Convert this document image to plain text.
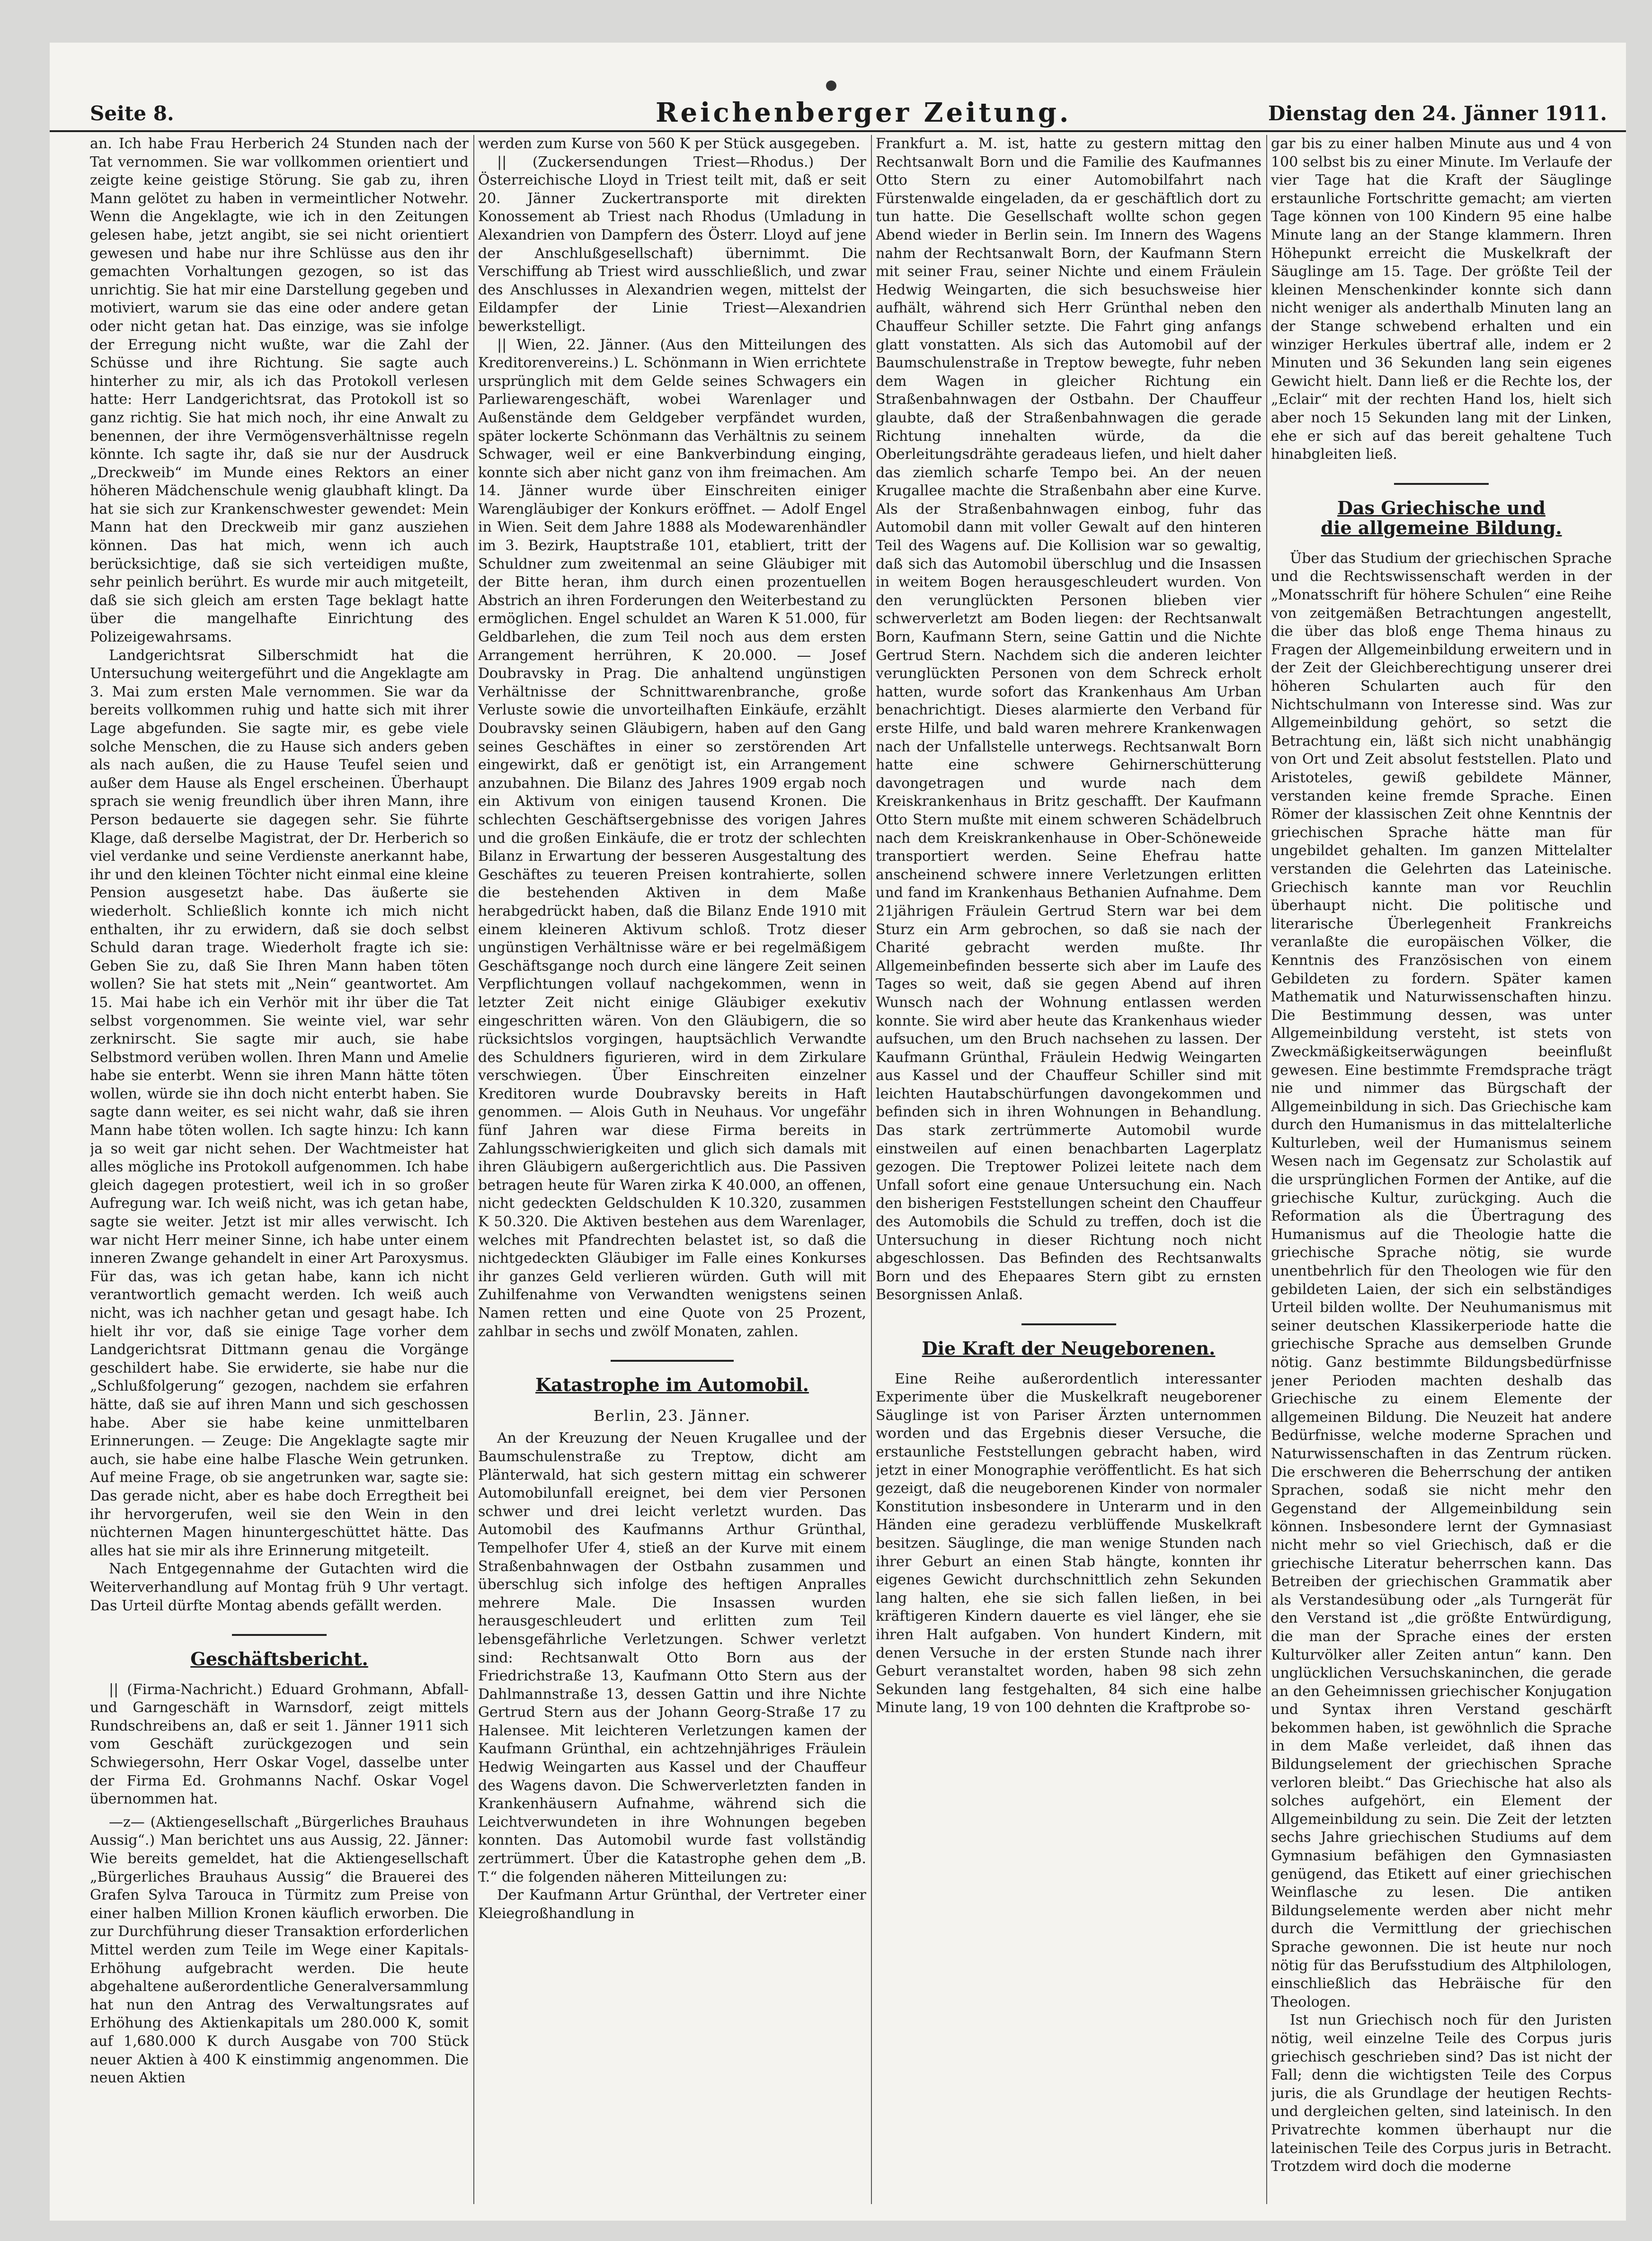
Seite 8.	Reichenberger Zeitung.	Dienstag den 24. Jänner 1911.

an. Ich habe Frau Herberich 24 Stunden nach der Tat vernommen. Sie war vollkommen orientiert und zeigte keine geistige Störung. Sie gab zu, ihren Mann gelötet zu haben in vermeintlicher Notwehr. Wenn die Angeklagte, wie ich in den Zeitungen gelesen habe, jetzt angibt, sie sei nicht orientiert gewesen und habe nur ihre Schlüsse aus den ihr gemachten Vorhaltungen gezogen, so ist das unrichtig. Sie hat mir eine Darstellung gegeben und motiviert, warum sie das eine oder andere getan oder nicht getan hat. Das einzige, was sie infolge der Erregung nicht wußte, war die Zahl der Schüsse und ihre Richtung. Sie sagte auch hinterher zu mir, als ich das Protokoll verlesen hatte: Herr Landgerichtsrat, das Protokoll ist so ganz richtig. Sie hat mich noch, ihr eine Anwalt zu benennen, der ihre Vermögensverhältnisse regeln könnte. Ich sagte ihr, daß sie nur der Ausdruck „Dreckweib“ im Munde eines Rektors an einer höheren Mädchenschule wenig glaubhaft klingt. Da hat sie sich zur Krankenschwester gewendet: Mein Mann hat den Dreckweib mir ganz ausziehen können. Das hat mich, wenn ich auch berücksichtige, daß sie sich verteidigen mußte, sehr peinlich berührt. Es wurde mir auch mitgeteilt, daß sie sich gleich am ersten Tage beklagt hatte über die mangelhafte Einrichtung des Polizeigewahrsams.

Landgerichtsrat Silberschmidt hat die Untersuchung weitergeführt und die Angeklagte am 3. Mai zum ersten Male vernommen. Sie war da bereits vollkommen ruhig und hatte sich mit ihrer Lage abgefunden. Sie sagte mir, es gebe viele solche Menschen, die zu Hause sich anders geben als nach außen, die zu Hause Teufel seien und außer dem Hause als Engel erscheinen. Überhaupt sprach sie wenig freundlich über ihren Mann, ihre Person bedauerte sie dagegen sehr. Sie führte Klage, daß derselbe Magistrat, der Dr. Herberich so viel verdanke und seine Verdienste anerkannt habe, ihr und den kleinen Töchter nicht einmal eine kleine Pension ausgesetzt habe. Das äußerte sie wiederholt. Schließlich konnte ich mich nicht enthalten, ihr zu erwidern, daß sie doch selbst Schuld daran trage. Wiederholt fragte ich sie: Geben Sie zu, daß Sie Ihren Mann haben töten wollen? Sie hat stets mit „Nein“ geantwortet. Am 15. Mai habe ich ein Verhör mit ihr über die Tat selbst vorgenommen. Sie weinte viel, war sehr zerknirscht. Sie sagte mir auch, sie habe Selbstmord verüben wollen. Ihren Mann und Amelie habe sie enterbt. Wenn sie ihren Mann hätte töten wollen, würde sie ihn doch nicht enterbt haben. Sie sagte dann weiter, es sei nicht wahr, daß sie ihren Mann habe töten wollen. Ich sagte hinzu: Ich kann ja so weit gar nicht sehen. Der Wachtmeister hat alles mögliche ins Protokoll aufgenommen. Ich habe gleich dagegen protestiert, weil ich in so großer Aufregung war. Ich weiß nicht, was ich getan habe, sagte sie weiter. Jetzt ist mir alles verwischt. Ich war nicht Herr meiner Sinne, ich habe unter einem inneren Zwange gehandelt in einer Art Paroxysmus. Für das, was ich getan habe, kann ich nicht verantwortlich gemacht werden. Ich weiß auch nicht, was ich nachher getan und gesagt habe. Ich hielt ihr vor, daß sie einige Tage vorher dem Landgerichtsrat Dittmann genau die Vorgänge geschildert habe. Sie erwiderte, sie habe nur die „Schlußfolgerung“ gezogen, nachdem sie erfahren hätte, daß sie auf ihren Mann und sich geschossen habe. Aber sie habe keine unmittelbaren Erinnerungen. — Zeuge: Die Angeklagte sagte mir auch, sie habe eine halbe Flasche Wein getrunken. Auf meine Frage, ob sie angetrunken war, sagte sie: Das gerade nicht, aber es habe doch Erregtheit bei ihr hervorgerufen, weil sie den Wein in den nüchternen Magen hinuntergeschüttet hätte. Das alles hat sie mir als ihre Erinnerung mitgeteilt.

Nach Entgegennahme der Gutachten wird die Weiterverhandlung auf Montag früh 9 Uhr vertagt. Das Urteil dürfte Montag abends gefällt werden.

Geschäftsbericht.

|| (Firma-Nachricht.) Eduard Grohmann, Abfall- und Garngeschäft in Warnsdorf, zeigt mittels Rundschreibens an, daß er seit 1. Jänner 1911 sich vom Geschäft zurückgezogen und sein Schwiegersohn, Herr Oskar Vogel, dasselbe unter der Firma Ed. Grohmanns Nachf. Oskar Vogel übernommen hat.

—z— (Aktiengesellschaft „Bürgerliches Brauhaus Aussig“.) Man berichtet uns aus Aussig, 22. Jänner: Wie bereits gemeldet, hat die Aktiengesellschaft „Bürgerliches Brauhaus Aussig“ die Brauerei des Grafen Sylva Tarouca in Türmitz zum Preise von einer halben Million Kronen käuflich erworben. Die zur Durchführung dieser Transaktion erforderlichen Mittel werden zum Teile im Wege einer Kapitals-Erhöhung aufgebracht werden. Die heute abgehaltene außerordentliche Generalversammlung hat nun den Antrag des Verwaltungsrates auf Erhöhung des Aktienkapitals um 280.000 K, somit auf 1,680.000 K durch Ausgabe von 700 Stück neuer Aktien à 400 K einstimmig angenommen. Die neuen Aktien

werden zum Kurse von 560 K per Stück ausgegeben.

|| (Zuckersendungen Triest—Rhodus.) Der Österreichische Lloyd in Triest teilt mit, daß er seit 20. Jänner Zuckertransporte mit direkten Konossement ab Triest nach Rhodus (Umladung in Alexandrien von Dampfern des Österr. Lloyd auf jene der Anschlußgesellschaft) übernimmt. Die Verschiffung ab Triest wird ausschließlich, und zwar des Anschlusses in Alexandrien wegen, mittelst der Eildampfer der Linie Triest—Alexandrien bewerkstelligt.

|| Wien, 22. Jänner. (Aus den Mitteilungen des Kreditorenvereins.) L. Schönmann in Wien errichtete ursprünglich mit dem Gelde seines Schwagers ein Parliewarengeschäft, wobei Warenlager und Außenstände dem Geldgeber verpfändet wurden, später lockerte Schönmann das Verhältnis zu seinem Schwager, weil er eine Bankverbindung einging, konnte sich aber nicht ganz von ihm freimachen. Am 14. Jänner wurde über Einschreiten einiger Warengläubiger der Konkurs eröffnet. — Adolf Engel in Wien. Seit dem Jahre 1888 als Modewarenhändler im 3. Bezirk, Hauptstraße 101, etabliert, tritt der Schuldner zum zweitenmal an seine Gläubiger mit der Bitte heran, ihm durch einen prozentuellen Abstrich an ihren Forderungen den Weiterbestand zu ermöglichen. Engel schuldet an Waren K 51.000, für Geldbarlehen, die zum Teil noch aus dem ersten Arrangement herrühren, K 20.000. — Josef Doubravsky in Prag. Die anhaltend ungünstigen Verhältnisse der Schnittwarenbranche, große Verluste sowie die unvorteilhaften Einkäufe, erzählt Doubravsky seinen Gläubigern, haben auf den Gang seines Geschäftes in einer so zerstörenden Art eingewirkt, daß er genötigt ist, ein Arrangement anzubahnen. Die Bilanz des Jahres 1909 ergab noch ein Aktivum von einigen tausend Kronen. Die schlechten Geschäftsergebnisse des vorigen Jahres und die großen Einkäufe, die er trotz der schlechten Bilanz in Erwartung der besseren Ausgestaltung des Geschäftes zu teueren Preisen kontrahierte, sollen die bestehenden Aktiven in dem Maße herabgedrückt haben, daß die Bilanz Ende 1910 mit einem kleineren Aktivum schloß. Trotz dieser ungünstigen Verhältnisse wäre er bei regelmäßigem Geschäftsgange noch durch eine längere Zeit seinen Verpflichtungen vollauf nachgekommen, wenn in letzter Zeit nicht einige Gläubiger exekutiv eingeschritten wären. Von den Gläubigern, die so rücksichtslos vorgingen, hauptsächlich Verwandte des Schuldners figurieren, wird in dem Zirkulare verschwiegen. Über Einschreiten einzelner Kreditoren wurde Doubravsky bereits in Haft genommen. — Alois Guth in Neuhaus. Vor ungefähr fünf Jahren war diese Firma bereits in Zahlungsschwierigkeiten und glich sich damals mit ihren Gläubigern außergerichtlich aus. Die Passiven betragen heute für Waren zirka K 40.000, an offenen, nicht gedeckten Geldschulden K 10.320, zusammen K 50.320. Die Aktiven bestehen aus dem Warenlager, welches mit Pfandrechten belastet ist, so daß die nichtgedeckten Gläubiger im Falle eines Konkurses ihr ganzes Geld verlieren würden. Guth will mit Zuhilfenahme von Verwandten wenigstens seinen Namen retten und eine Quote von 25 Prozent, zahlbar in sechs und zwölf Monaten, zahlen.

Katastrophe im Automobil.
Berlin, 23. Jänner.

An der Kreuzung der Neuen Krugallee und der Baumschulenstraße zu Treptow, dicht am Plänterwald, hat sich gestern mittag ein schwerer Automobilunfall ereignet, bei dem vier Personen schwer und drei leicht verletzt wurden. Das Automobil des Kaufmanns Arthur Grünthal, Tempelhofer Ufer 4, stieß an der Kurve mit einem Straßenbahnwagen der Ostbahn zusammen und überschlug sich infolge des heftigen Anpralles mehrere Male. Die Insassen wurden herausgeschleudert und erlitten zum Teil lebensgefährliche Verletzungen. Schwer verletzt sind: Rechtsanwalt Otto Born aus der Friedrichstraße 13, Kaufmann Otto Stern aus der Dahlmannstraße 13, dessen Gattin und ihre Nichte Gertrud Stern aus der Johann Georg-Straße 17 zu Halensee. Mit leichteren Verletzungen kamen der Kaufmann Grünthal, ein achtzehnjähriges Fräulein Hedwig Weingarten aus Kassel und der Chauffeur des Wagens davon. Die Schwerverletzten fanden in Krankenhäusern Aufnahme, während sich die Leichtverwundeten in ihre Wohnungen begeben konnten. Das Automobil wurde fast vollständig zertrümmert. Über die Katastrophe gehen dem „B. T.“ die folgenden näheren Mitteilungen zu:

Der Kaufmann Artur Grünthal, der Vertreter einer Kleiegroßhandlung in

Frankfurt a. M. ist, hatte zu gestern mittag den Rechtsanwalt Born und die Familie des Kaufmannes Otto Stern zu einer Automobilfahrt nach Fürstenwalde eingeladen, da er geschäftlich dort zu tun hatte. Die Gesellschaft wollte schon gegen Abend wieder in Berlin sein. Im Innern des Wagens nahm der Rechtsanwalt Born, der Kaufmann Stern mit seiner Frau, seiner Nichte und einem Fräulein Hedwig Weingarten, die sich besuchsweise hier aufhält, während sich Herr Grünthal neben den Chauffeur Schiller setzte. Die Fahrt ging anfangs glatt vonstatten. Als sich das Automobil auf der Baumschulenstraße in Treptow bewegte, fuhr neben dem Wagen in gleicher Richtung ein Straßenbahnwagen der Ostbahn. Der Chauffeur glaubte, daß der Straßenbahnwagen die gerade Richtung innehalten würde, da die Oberleitungsdrähte geradeaus liefen, und hielt daher das ziemlich scharfe Tempo bei. An der neuen Krugallee machte die Straßenbahn aber eine Kurve. Als der Straßenbahnwagen einbog, fuhr das Automobil dann mit voller Gewalt auf den hinteren Teil des Wagens auf. Die Kollision war so gewaltig, daß sich das Automobil überschlug und die Insassen in weitem Bogen herausgeschleudert wurden. Von den verunglückten Personen blieben vier schwerverletzt am Boden liegen: der Rechtsanwalt Born, Kaufmann Stern, seine Gattin und die Nichte Gertrud Stern. Nachdem sich die anderen leichter verunglückten Personen von dem Schreck erholt hatten, wurde sofort das Krankenhaus Am Urban benachrichtigt. Dieses alarmierte den Verband für erste Hilfe, und bald waren mehrere Krankenwagen nach der Unfallstelle unterwegs. Rechtsanwalt Born hatte eine schwere Gehirnerschütterung davongetragen und wurde nach dem Kreiskrankenhaus in Britz geschafft. Der Kaufmann Otto Stern mußte mit einem schweren Schädelbruch nach dem Kreiskrankenhause in Ober-Schöneweide transportiert werden. Seine Ehefrau hatte anscheinend schwere innere Verletzungen erlitten und fand im Krankenhaus Bethanien Aufnahme. Dem 21jährigen Fräulein Gertrud Stern war bei dem Sturz ein Arm gebrochen, so daß sie nach der Charité gebracht werden mußte. Ihr Allgemeinbefinden besserte sich aber im Laufe des Tages so weit, daß sie gegen Abend auf ihren Wunsch nach der Wohnung entlassen werden konnte. Sie wird aber heute das Krankenhaus wieder aufsuchen, um den Bruch nachsehen zu lassen. Der Kaufmann Grünthal, Fräulein Hedwig Weingarten aus Kassel und der Chauffeur Schiller sind mit leichten Hautabschürfungen davongekommen und befinden sich in ihren Wohnungen in Behandlung. Das stark zertrümmerte Automobil wurde einstweilen auf einen benachbarten Lagerplatz gezogen. Die Treptower Polizei leitete nach dem Unfall sofort eine genaue Untersuchung ein. Nach den bisherigen Feststellungen scheint den Chauffeur des Automobils die Schuld zu treffen, doch ist die Untersuchung in dieser Richtung noch nicht abgeschlossen. Das Befinden des Rechtsanwalts Born und des Ehepaares Stern gibt zu ernsten Besorgnissen Anlaß.

Die Kraft der Neugeborenen.

Eine Reihe außerordentlich interessanter Experimente über die Muskelkraft neugeborener Säuglinge ist von Pariser Ärzten unternommen worden und das Ergebnis dieser Versuche, die erstaunliche Feststellungen gebracht haben, wird jetzt in einer Monographie veröffentlicht. Es hat sich gezeigt, daß die neugeborenen Kinder von normaler Konstitution insbesondere in Unterarm und in den Händen eine geradezu verblüffende Muskelkraft besitzen. Säuglinge, die man wenige Stunden nach ihrer Geburt an einen Stab hängte, konnten ihr eigenes Gewicht durchschnittlich zehn Sekunden lang halten, ehe sie sich fallen ließen, in bei kräftigeren Kindern dauerte es viel länger, ehe sie ihren Halt aufgaben. Von hundert Kindern, mit denen Versuche in der ersten Stunde nach ihrer Geburt veranstaltet worden, haben 98 sich zehn Sekunden lang festgehalten, 84 sich eine halbe Minute lang, 19 von 100 dehnten die Kraftprobe so-

gar bis zu einer halben Minute aus und 4 von 100 selbst bis zu einer Minute. Im Verlaufe der vier Tage hat die Kraft der Säuglinge erstaunliche Fortschritte gemacht; am vierten Tage können von 100 Kindern 95 eine halbe Minute lang an der Stange klammern. Ihren Höhepunkt erreicht die Muskelkraft der Säuglinge am 15. Tage. Der größte Teil der kleinen Menschenkinder konnte sich dann nicht weniger als anderthalb Minuten lang an der Stange schwebend erhalten und ein winziger Herkules übertraf alle, indem er 2 Minuten und 36 Sekunden lang sein eigenes Gewicht hielt. Dann ließ er die Rechte los, der „Eclair“ mit der rechten Hand los, hielt sich aber noch 15 Sekunden lang mit der Linken, ehe er sich auf das bereit gehaltene Tuch hinabgleiten ließ.

Das Griechische und
die allgemeine Bildung.

Über das Studium der griechischen Sprache und die Rechtswissenschaft werden in der „Monatsschrift für höhere Schulen“ eine Reihe von zeitgemäßen Betrachtungen angestellt, die über das bloß enge Thema hinaus zu Fragen der Allgemeinbildung erweitern und in der Zeit der Gleichberechtigung unserer drei höheren Schularten auch für den Nichtschulmann von Interesse sind. Was zur Allgemeinbildung gehört, so setzt die Betrachtung ein, läßt sich nicht unabhängig von Ort und Zeit absolut feststellen. Plato und Aristoteles, gewiß gebildete Männer, verstanden keine fremde Sprache. Einen Römer der klassischen Zeit ohne Kenntnis der griechischen Sprache hätte man für ungebildet gehalten. Im ganzen Mittelalter verstanden die Gelehrten das Lateinische. Griechisch kannte man vor Reuchlin überhaupt nicht. Die politische und literarische Überlegenheit Frankreichs veranlaßte die europäischen Völker, die Kenntnis des Französischen von einem Gebildeten zu fordern. Später kamen Mathematik und Naturwissenschaften hinzu. Die Bestimmung dessen, was unter Allgemeinbildung versteht, ist stets von Zweckmäßigkeitserwägungen beeinflußt gewesen. Eine bestimmte Fremdsprache trägt nie und nimmer das Bürgschaft der Allgemeinbildung in sich. Das Griechische kam durch den Humanismus in das mittelalterliche Kulturleben, weil der Humanismus seinem Wesen nach im Gegensatz zur Scholastik auf die ursprünglichen Formen der Antike, auf die griechische Kultur, zurückging. Auch die Reformation als die Übertragung des Humanismus auf die Theologie hatte die griechische Sprache nötig, sie wurde unentbehrlich für den Theologen wie für den gebildeten Laien, der sich ein selbständiges Urteil bilden wollte. Der Neuhumanismus mit seiner deutschen Klassikerperiode hatte die griechische Sprache aus demselben Grunde nötig. Ganz bestimmte Bildungsbedürfnisse jener Perioden machten deshalb das Griechische zu einem Elemente der allgemeinen Bildung. Die Neuzeit hat andere Bedürfnisse, welche moderne Sprachen und Naturwissenschaften in das Zentrum rücken. Die erschweren die Beherrschung der antiken Sprachen, sodaß sie nicht mehr den Gegenstand der Allgemeinbildung sein können. Insbesondere lernt der Gymnasiast nicht mehr so viel Griechisch, daß er die griechische Literatur beherrschen kann. Das Betreiben der griechischen Grammatik aber als Verstandesübung oder „als Turngerät für den Verstand ist „die größte Entwürdigung, die man der Sprache eines der ersten Kulturvölker aller Zeiten antun“ kann. Den unglücklichen Versuchskaninchen, die gerade an den Geheimnissen griechischer Konjugation und Syntax ihren Verstand geschärft bekommen haben, ist gewöhnlich die Sprache in dem Maße verleidet, daß ihnen das Bildungselement der griechischen Sprache verloren bleibt.“ Das Griechische hat also als solches aufgehört, ein Element der Allgemeinbildung zu sein. Die Zeit der letzten sechs Jahre griechischen Studiums auf dem Gymnasium befähigen den Gymnasiasten genügend, das Etikett auf einer griechischen Weinflasche zu lesen. Die antiken Bildungselemente werden aber nicht mehr durch die Vermittlung der griechischen Sprache gewonnen. Die ist heute nur noch nötig für das Berufsstudium des Altphilologen, einschließlich das Hebräische für den Theologen.

Ist nun Griechisch noch für den Juristen nötig, weil einzelne Teile des Corpus juris griechisch geschrieben sind? Das ist nicht der Fall; denn die wichtigsten Teile des Corpus juris, die als Grundlage der heutigen Rechts- und dergleichen gelten, sind lateinisch. In den Privatrechte kommen überhaupt nur die lateinischen Teile des Corpus juris in Betracht. Trotzdem wird doch die moderne
